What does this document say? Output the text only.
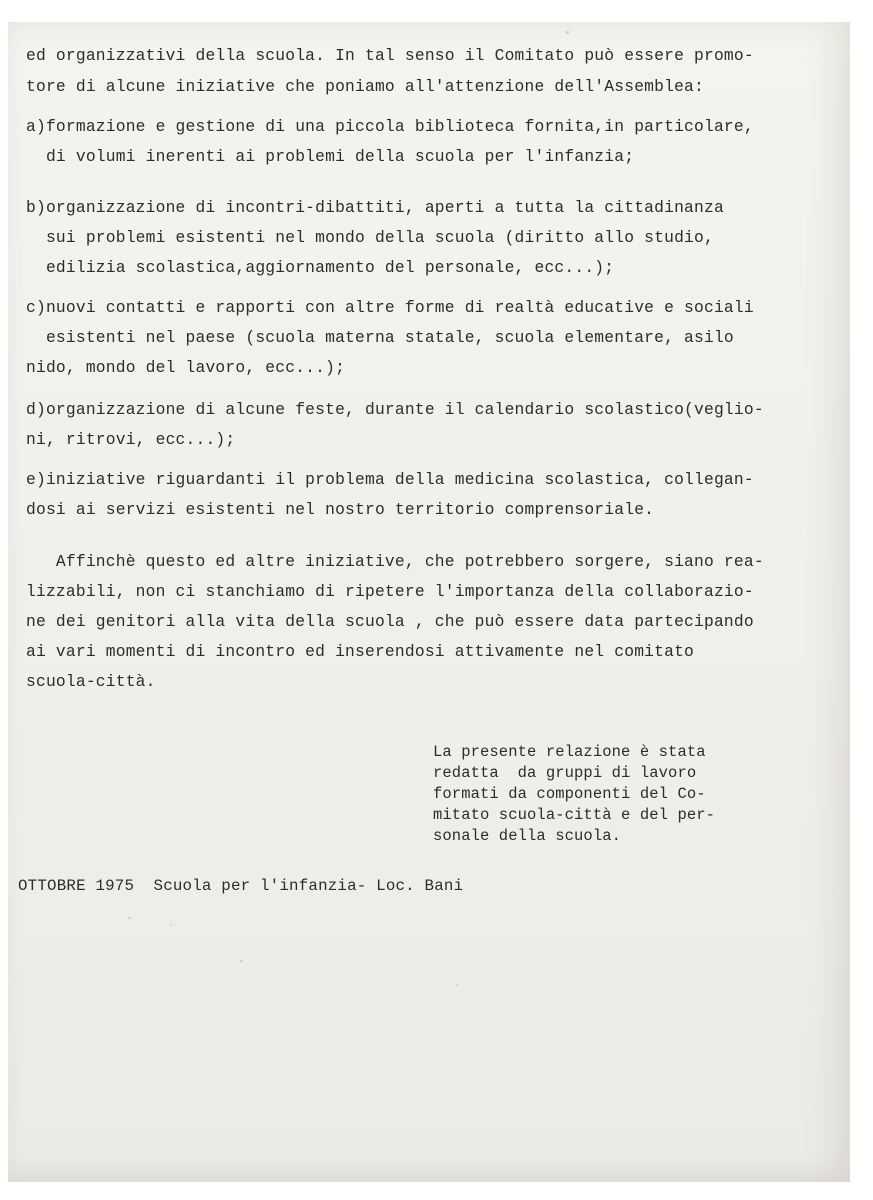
ed organizzativi della scuola. In tal senso il Comitato può essere promo-
tore di alcune iniziative che poniamo all'attenzione dell'Assemblea:
a)formazione e gestione di una piccola biblioteca fornita,in particolare,
di volumi inerenti ai problemi della scuola per l'infanzia;
b)organizzazione di incontri-dibattiti, aperti a tutta la cittadinanza
sui problemi esistenti nel mondo della scuola (diritto allo studio,
edilizia scolastica,aggiornamento del personale, ecc...);
c)nuovi contatti e rapporti con altre forme di realtà educative e sociali
esistenti nel paese (scuola materna statale, scuola elementare, asilo
nido, mondo del lavoro, ecc...);
d)organizzazione di alcune feste, durante il calendario scolastico(veglio-
ni, ritrovi, ecc...);
e)iniziative riguardanti il problema della medicina scolastica, collegan-
dosi ai servizi esistenti nel nostro territorio comprensoriale.
Affinchè questo ed altre iniziative, che potrebbero sorgere, siano rea-
lizzabili, non ci stanchiamo di ripetere l'importanza della collaborazio-
ne dei genitori alla vita della scuola , che può essere data partecipando
ai vari momenti di incontro ed inserendosi attivamente nel comitato
scuola-città.
La presente relazione è stata
redatta  da gruppi di lavoro
formati da componenti del Co-
mitato scuola-città e del per-
sonale della scuola.
OTTOBRE 1975  Scuola per l'infanzia- Loc. Bani
